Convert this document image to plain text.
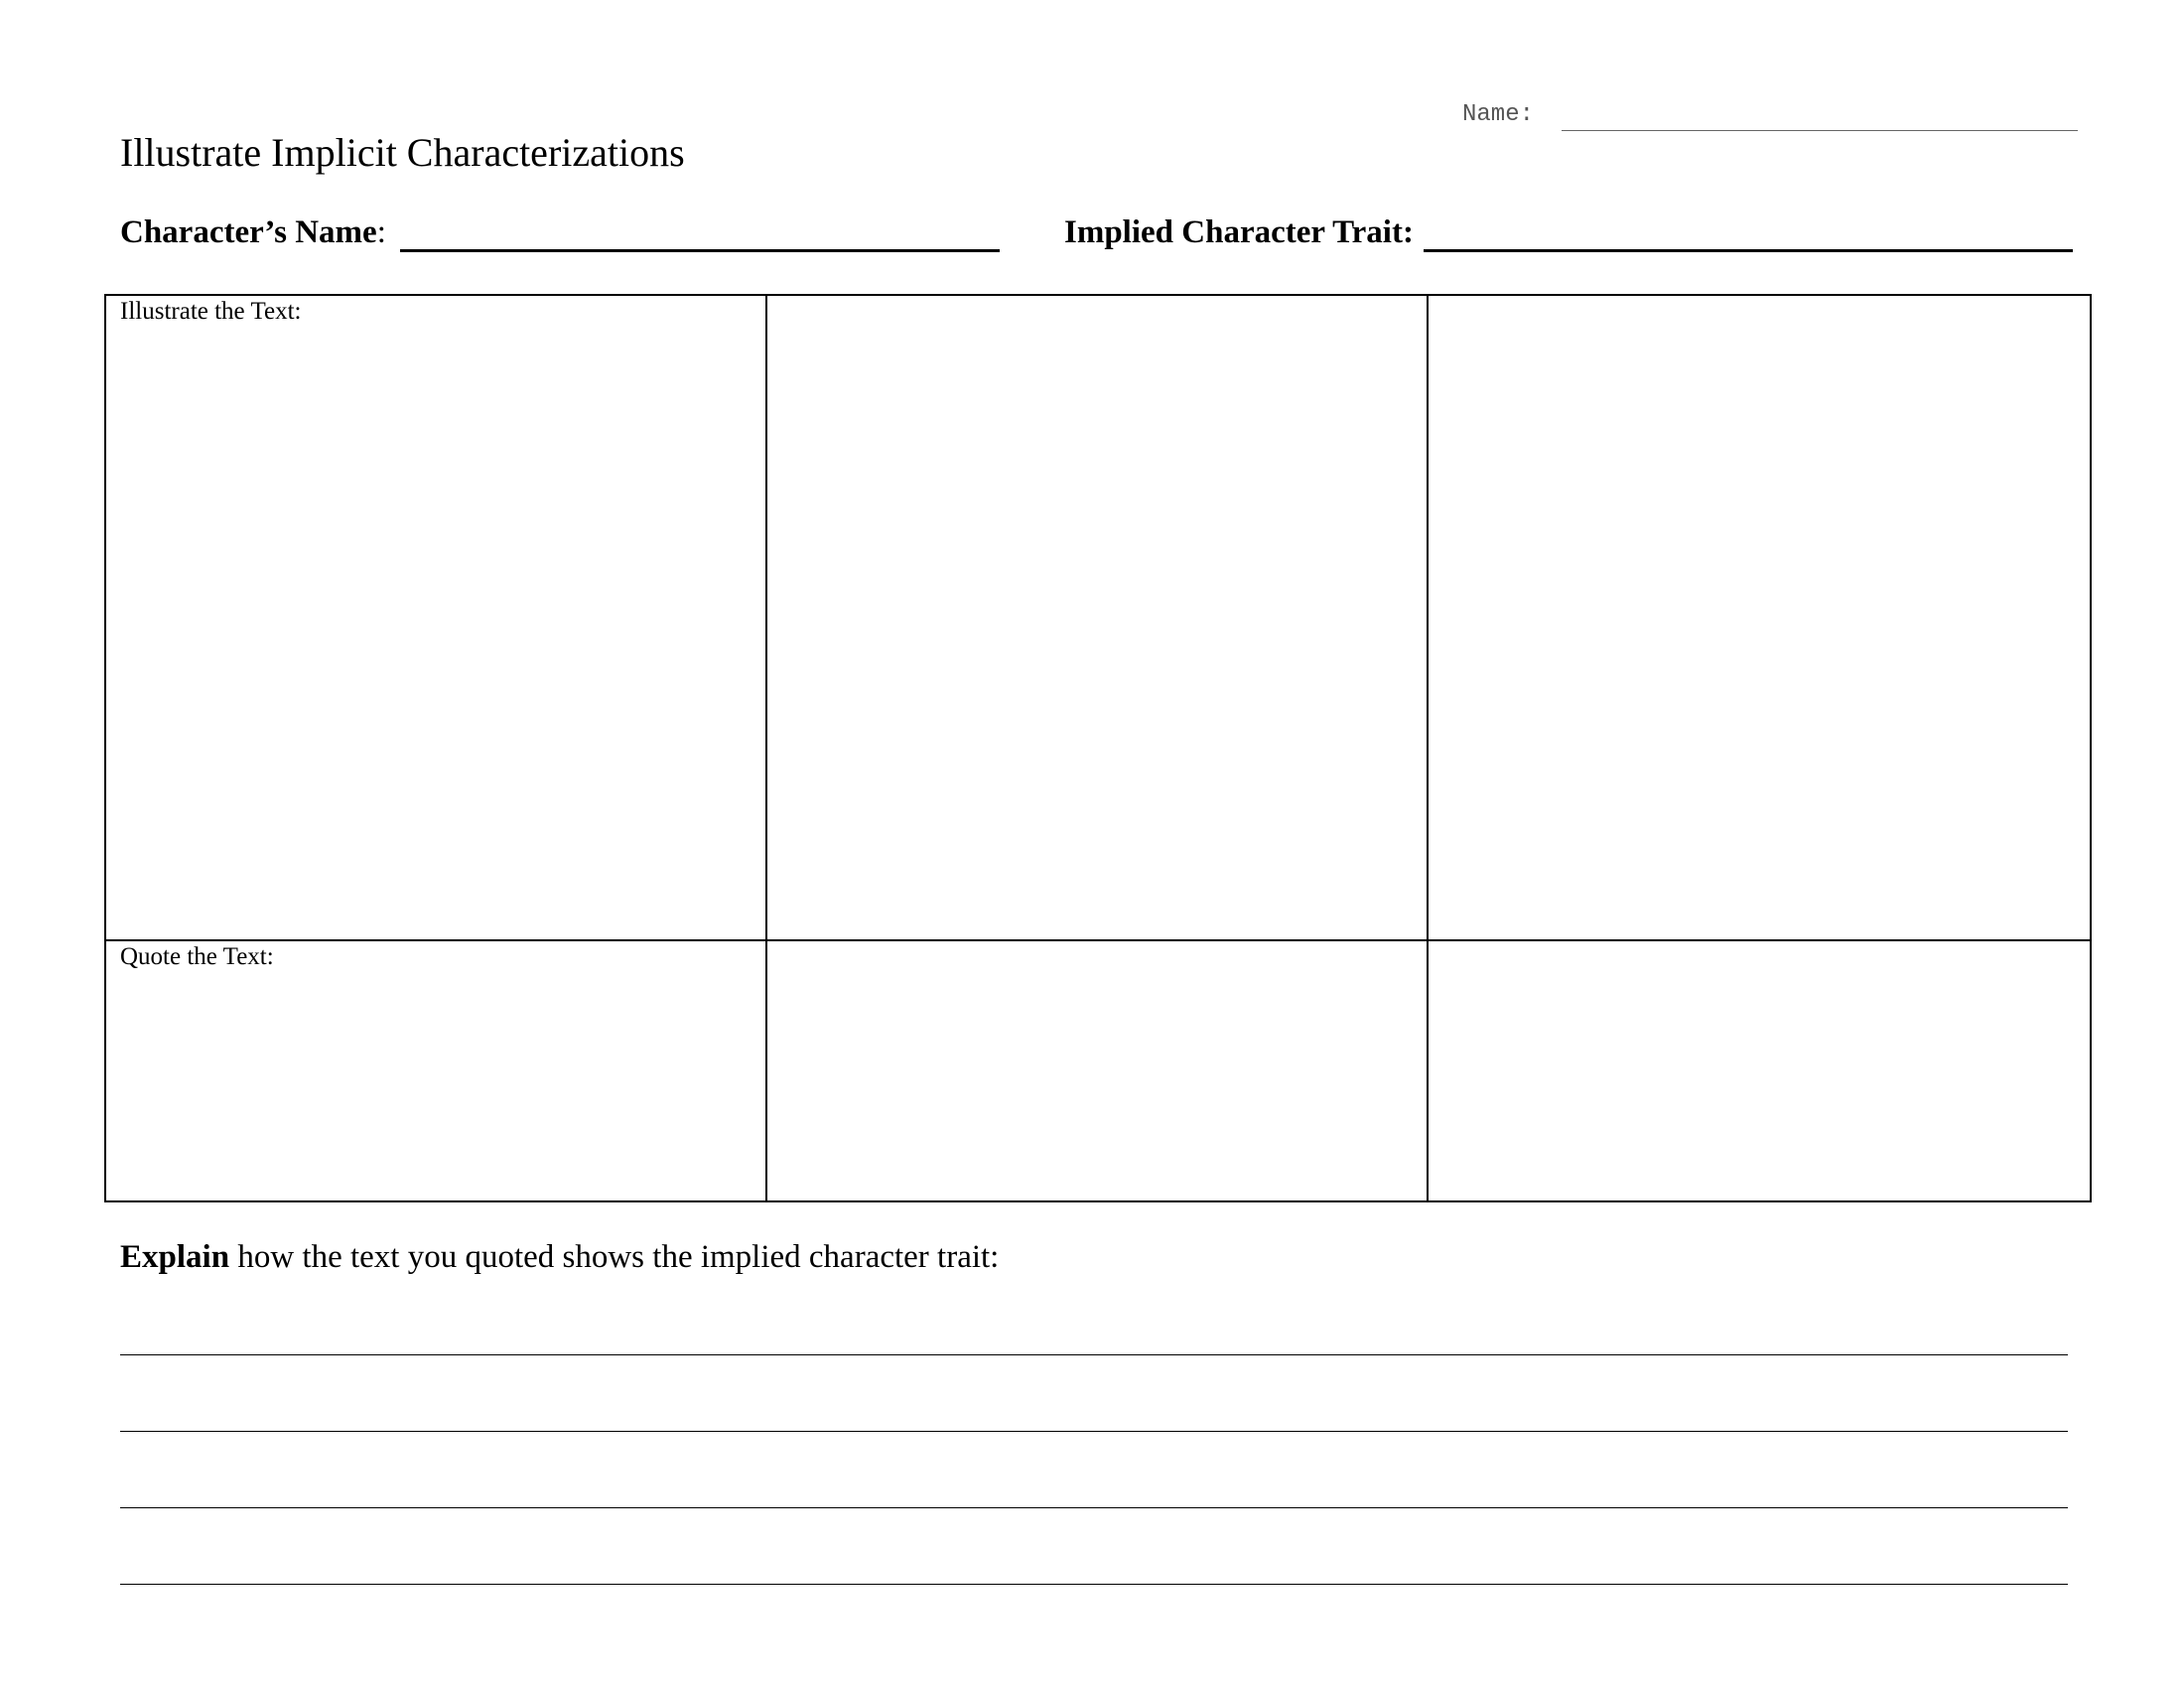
Name:
Illustrate Implicit Characterizations
Character’s Name:	Implied Character Trait:
Illustrate the Text:
Quote the Text:
Explain how the text you quoted shows the implied character trait:
